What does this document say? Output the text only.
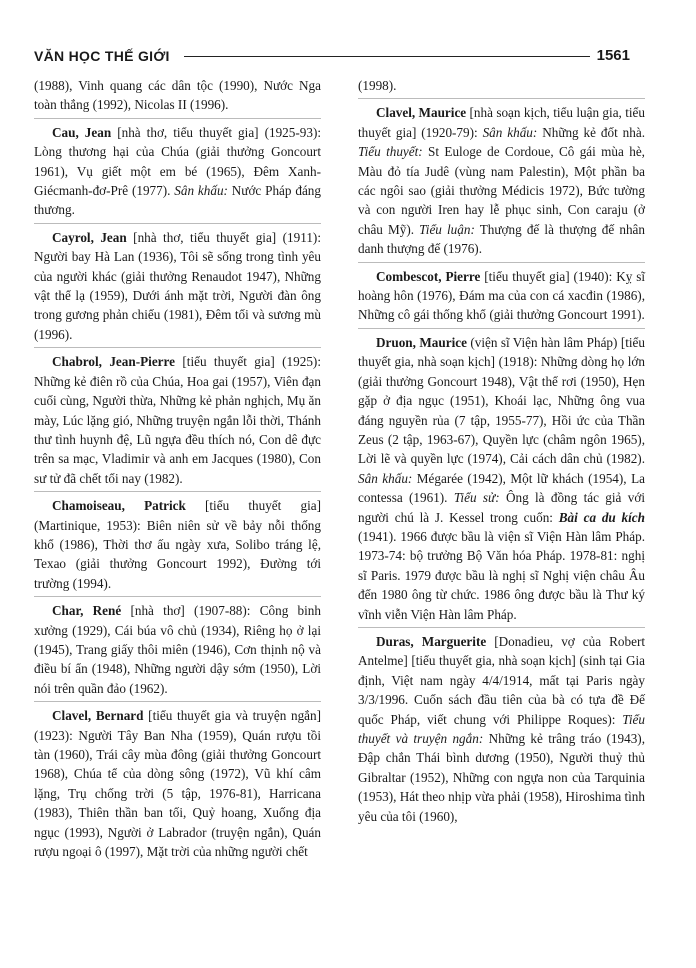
VĂN HỌC THẾ GIỚI	1561

(1988), Vinh quang các dân tộc (1990), Nước Nga toàn thắng (1992), Nicolas II (1996).

Cau, Jean [nhà thơ, tiểu thuyết gia] (1925-93): Lòng thương hại của Chúa (giải thưởng Goncourt 1961), Vụ giết một em bé (1965), Đêm Xanh-Giécmanh-đơ-Prê (1977). Sân khấu: Nước Pháp đáng thương.

Cayrol, Jean [nhà thơ, tiểu thuyết gia] (1911): Người bay Hà Lan (1936), Tôi sẽ sống trong tình yêu của người khác (giải thưởng Renaudot 1947), Những vật thể lạ (1959), Dưới ánh mặt trời, Người đàn ông trong gương phản chiếu (1981), Đêm tối và sương mù (1996).

Chabrol, Jean-Pierre [tiểu thuyết gia] (1925): Những kẻ điên rồ của Chúa, Hoa gai (1957), Viên đạn cuối cùng, Người thừa, Những kẻ phản nghịch, Mụ ăn mày, Lúc lặng gió, Những truyện ngắn lỗi thời, Thánh thư tình huynh đệ, Lũ ngựa đều thích nó, Con dê đực trên sa mạc, Vladimir và anh em Jacques (1980), Con sư tử đã chết tối nay (1982).

Chamoiseau, Patrick [tiểu thuyết gia] (Martinique, 1953): Biên niên sử về bảy nỗi thống khổ (1986), Thời thơ ấu ngày xưa, Solibo tráng lệ, Texao (giải thưởng Goncourt 1992), Đường tới trường (1994).

Char, René [nhà thơ] (1907-88): Công binh xưởng (1929), Cái búa vô chủ (1934), Riêng họ ở lại (1945), Trang giấy thôi miên (1946), Cơn thịnh nộ và điều bí ẩn (1948), Những người dậy sớm (1950), Lời nói trên quần đảo (1962).

Clavel, Bernard [tiểu thuyết gia và truyện ngắn] (1923): Người Tây Ban Nha (1959), Quán rượu tồi tàn (1960), Trái cây mùa đông (giải thưởng Goncourt 1968), Chúa tể của dòng sông (1972), Vũ khí câm lặng, Trụ chống trời (5 tập, 1976-81), Harricana (1983), Thiên thần ban tối, Quỷ hoang, Xuống địa ngục (1993), Người ở Labrador (truyện ngắn), Quán rượu ngoại ô (1997), Mặt trời của những người chết

(1998).

Clavel, Maurice [nhà soạn kịch, tiểu luận gia, tiểu thuyết gia] (1920-79): Sân khấu: Những kẻ đốt nhà. Tiểu thuyết: St Euloge de Cordoue, Cô gái mùa hè, Màu đỏ tía Judê (vùng nam Palestin), Một phần ba các ngôi sao (giải thưởng Médicis 1972), Bức tường và con người Iren hay lễ phục sinh, Con caraju (ở châu Mỹ). Tiểu luận: Thượng đế là thượng đế nhân danh thượng đế (1976).

Combescot, Pierre [tiểu thuyết gia] (1940): Kỵ sĩ hoàng hôn (1976), Đám ma của con cá xacđin (1986), Những cô gái thống khổ (giải thưởng Goncourt 1991).

Druon, Maurice (viện sĩ Viện hàn lâm Pháp) [tiểu thuyết gia, nhà soạn kịch] (1918): Những dòng họ lớn (giải thưởng Goncourt 1948), Vật thể rơi (1950), Hẹn gặp ở địa ngục (1951), Khoái lạc, Những ông vua đáng nguyền rủa (7 tập, 1955-77), Hồi ức của Thần Zeus (2 tập, 1963-67), Quyền lực (châm ngôn 1965), Lời lẽ và quyền lực (1974), Cải cách dân chủ (1982). Sân khấu: Mégarée (1942), Một lữ khách (1954), La contessa (1961). Tiểu sử: Ông là đồng tác giả với người chú là J. Kessel trong cuốn: Bài ca du kích (1941). 1966 được bầu là viện sĩ Viện Hàn lâm Pháp. 1973-74: bộ trưởng Bộ Văn hóa Pháp. 1978-81: nghị sĩ Paris. 1979 được bầu là nghị sĩ Nghị viện châu Âu đến 1980 ông từ chức. 1986 ông được bầu là Thư ký vĩnh viễn Viện Hàn lâm Pháp.

Duras, Marguerite [Donadieu, vợ của Robert Antelme] [tiểu thuyết gia, nhà soạn kịch] (sinh tại Gia định, Việt nam ngày 4/4/1914, mất tại Paris ngày 3/3/1996. Cuốn sách đầu tiên của bà có tựa đề Đế quốc Pháp, viết chung với Philippe Roques): Tiểu thuyết và truyện ngắn: Những kẻ trâng tráo (1943), Đập chắn Thái bình dương (1950), Người thuỷ thủ Gibraltar (1952), Những con ngựa non của Tarquinia (1953), Hát theo nhịp vừa phải (1958), Hiroshima tình yêu của tôi (1960),
